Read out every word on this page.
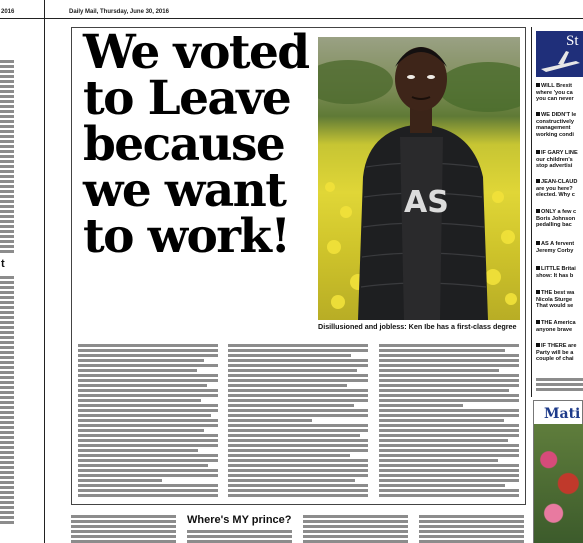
2016	Daily Mail, Thursday, June 30, 2016
t
We voted
to Leave
because
we want
to work!
AS
Disillusioned and jobless: Ken Ibe has a first-class degree
Where's MY prince?
St
WILL Brexit
where 'you ca
you can never
WE DIDN'T le
constructively
management
working condi
IF GARY LINE
our children's
stop advertisi
JEAN-CLAUD
are you here?
elected. Why c
ONLY a few c
Boris Johnson
pedalling bac
AS A fervent
Jeremy Corby
LITTLE Britai
show: It has b
THE best wa
Nicola Sturge
That would se
THE America
anyone brave
IF THERE are
Party will be a
couple of chai
Mati
